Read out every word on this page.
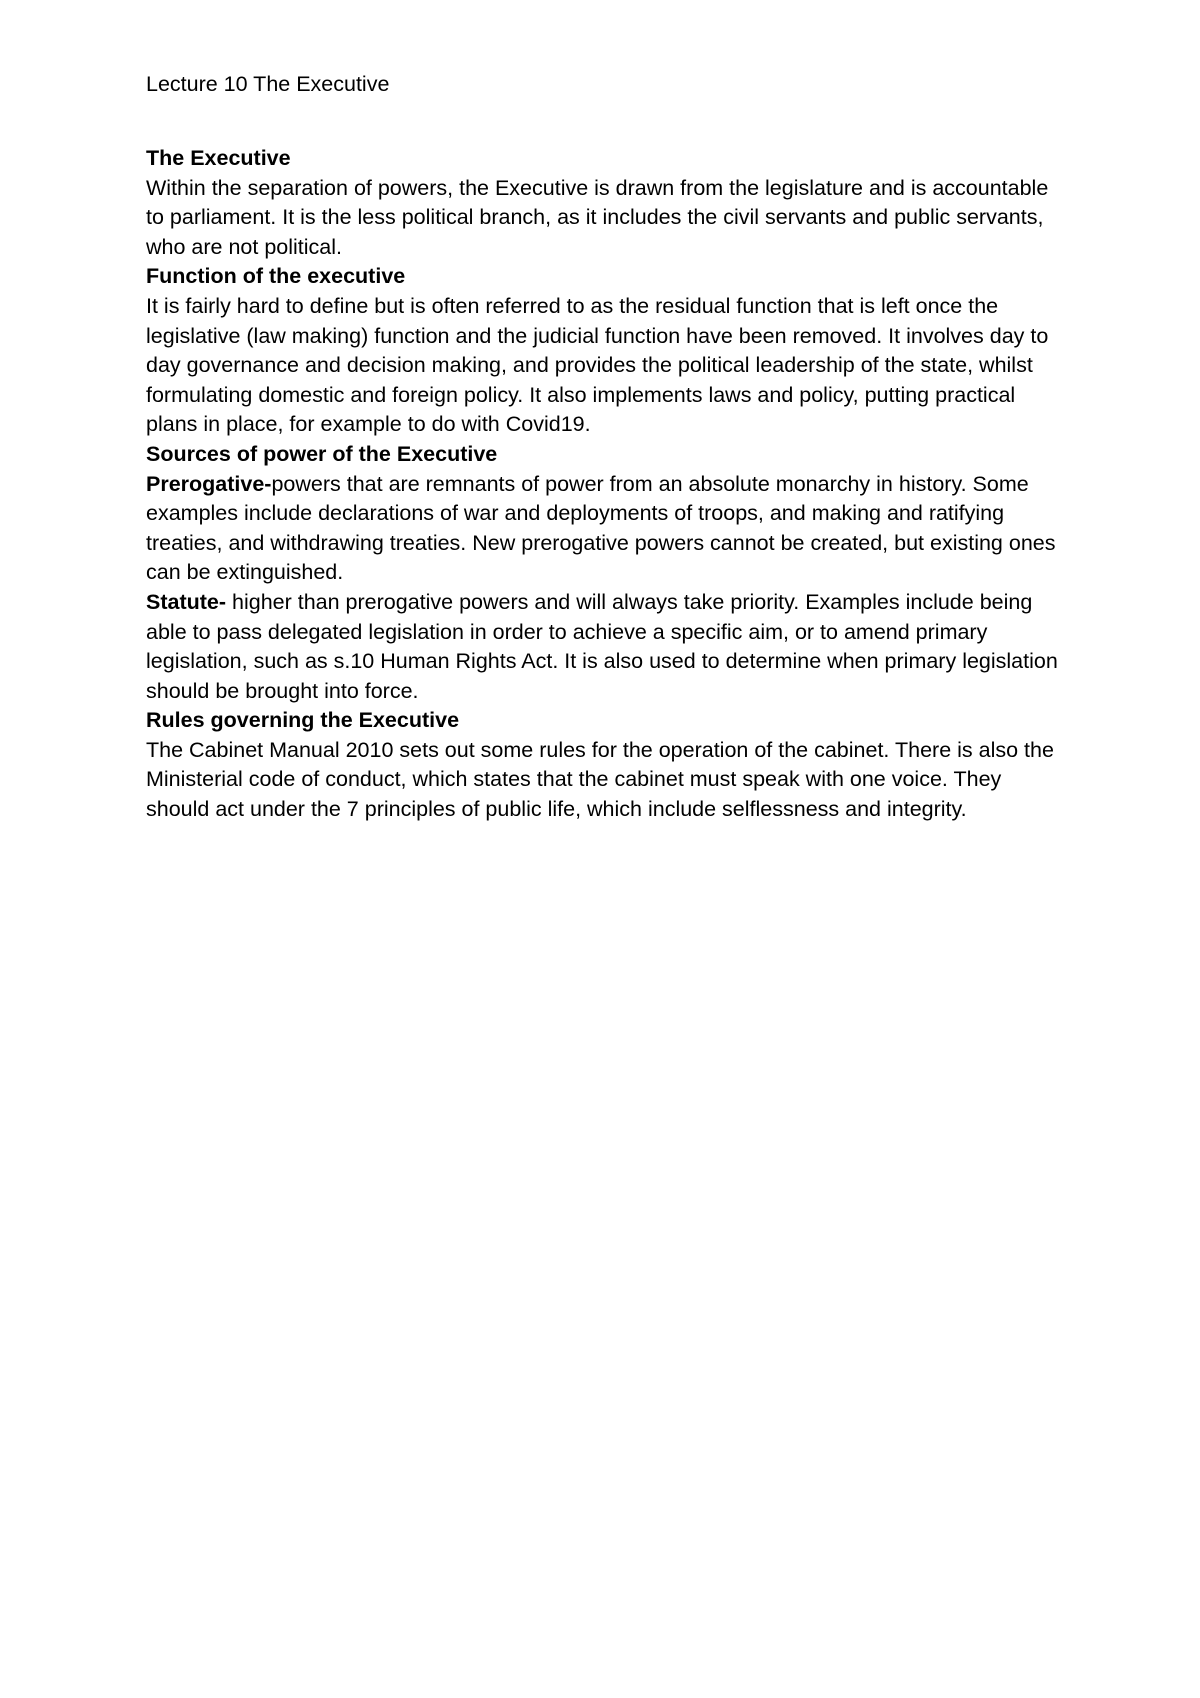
Lecture 10 The Executive

The Executive

Within the separation of powers, the Executive is drawn from the legislature and is accountable to parliament. It is the less political branch, as it includes the civil servants and public servants, who are not political.

Function of the executive

It is fairly hard to define but is often referred to as the residual function that is left once the legislative (law making) function and the judicial function have been removed. It involves day to day governance and decision making, and provides the political leadership of the state, whilst formulating domestic and foreign policy. It also implements laws and policy, putting practical plans in place, for example to do with Covid19.

Sources of power of the Executive

Prerogative-powers that are remnants of power from an absolute monarchy in history. Some examples include declarations of war and deployments of troops, and making and ratifying treaties, and withdrawing treaties. New prerogative powers cannot be created, but existing ones can be extinguished.

Statute- higher than prerogative powers and will always take priority. Examples include being able to pass delegated legislation in order to achieve a specific aim, or to amend primary legislation, such as s.10 Human Rights Act. It is also used to determine when primary legislation should be brought into force.

Rules governing the Executive

The Cabinet Manual 2010 sets out some rules for the operation of the cabinet. There is also the Ministerial code of conduct, which states that the cabinet must speak with one voice. They should act under the 7 principles of public life, which include selflessness and integrity.
